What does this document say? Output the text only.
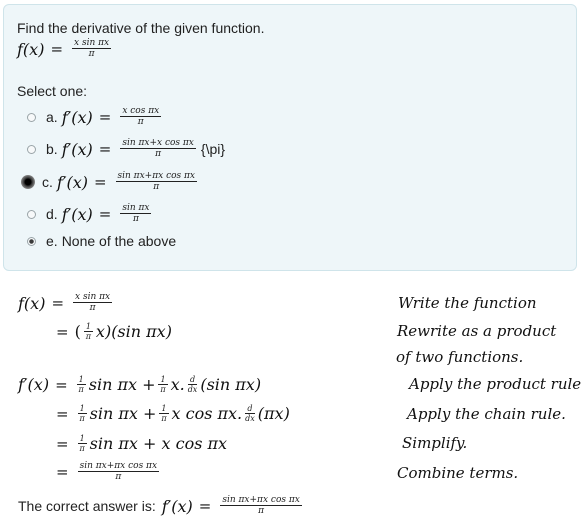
Find the derivative of the given function.
$f(x) = \frac{\text{x sin πx}}{\pi}$
Select one:
a. $f'(x) = \frac{\text{x cos πx}}{\pi}$
b. $f'(x) = \frac{\text{sin πx+x cos πx}}{\pi}$ {\pi}
c. $f'(x) = \frac{\text{sin πx+πx cos πx}}{\pi}$
d. $f'(x) = \frac{\text{sin πx}}{\pi}$
e. None of the above
$f(x) = \frac{\text{x sin πx}}{\pi}$
= ( $\frac{1}{\pi} x)(\sin$ πx)
$f'(x) = \frac{1}{\pi}$ $\sin \pi x + \frac{1}{\pi} x$. $\frac{d}{dx} (\sin$ πx)
= $\frac{1}{\pi}$ $\sin \pi x + \frac{1}{\pi}$ x cos πx. $\frac{d}{dx} (\pi x)$
= $\frac{1}{\pi}$ sin πx + x cos πx
= $\frac{\text{sin πx+πx cos πx}}{\pi}$
Write the function
Rewrite as a product
of two functions.
Apply the product rule
Apply the chain rule.
Simplify.
Combine terms.
The correct answer is: $f'(x) = \frac{\text{sin πx+πx cos πx}}{\pi}$
